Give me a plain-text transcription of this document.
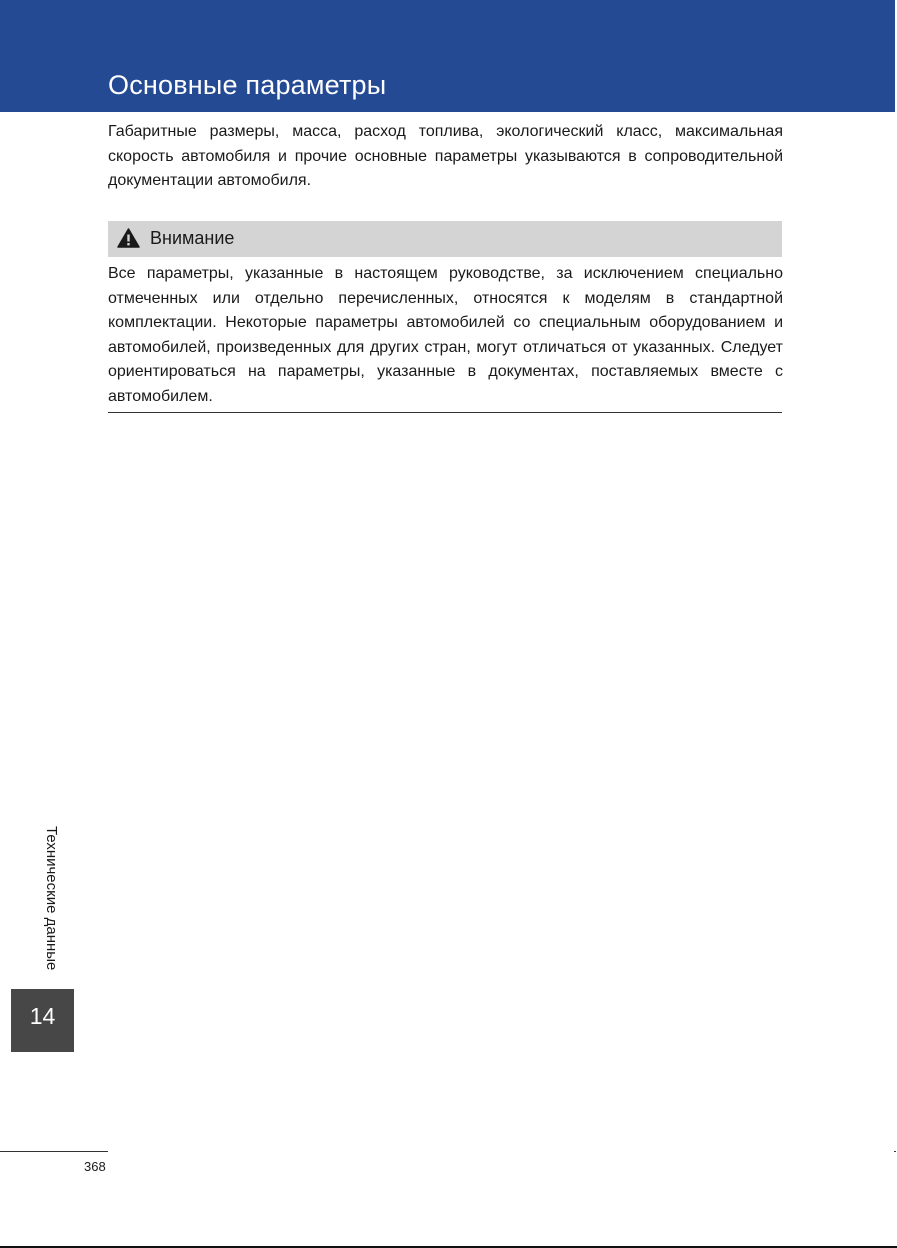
Основные параметры

Габаритные размеры, масса, расход топлива, экологический класс, максимальная скорость автомобиля и прочие основные параметры указываются в сопроводительной документации автомобиля.

Внимание

Все параметры, указанные в настоящем руководстве, за исключением специально отмеченных или отдельно перечисленных, относятся к моделям в стандартной комплектации. Некоторые параметры автомобилей со специальным оборудованием и автомобилей, произведенных для других стран, могут отличаться от указанных. Следует ориентироваться на параметры, указанные в документах, поставляемых вместе с автомобилем.

Технические данные
14
368
